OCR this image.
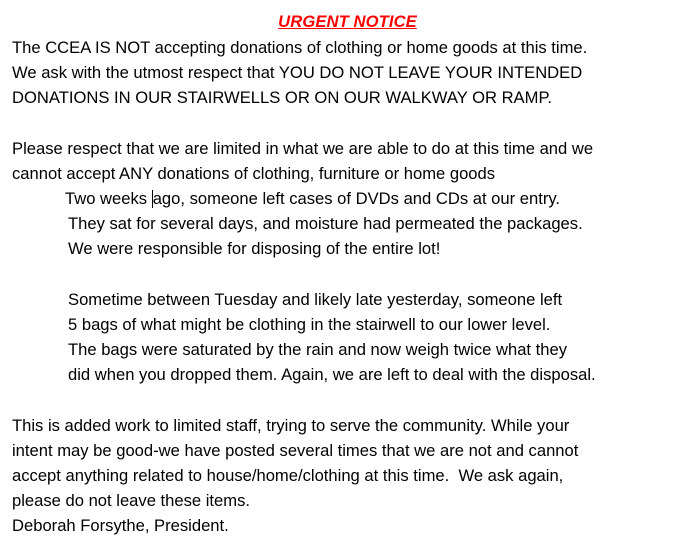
URGENT NOTICE
The CCEA IS NOT accepting donations of clothing or home goods at this time.
We ask with the utmost respect that YOU DO NOT LEAVE YOUR INTENDED
DONATIONS IN OUR STAIRWELLS OR ON OUR WALKWAY OR RAMP.
Please respect that we are limited in what we are able to do at this time and we
cannot accept ANY donations of clothing, furniture or home goods
Two weeks ago, someone left cases of DVDs and CDs at our entry.
They sat for several days, and moisture had permeated the packages.
We were responsible for disposing of the entire lot!
Sometime between Tuesday and likely late yesterday, someone left
5 bags of what might be clothing in the stairwell to our lower level.
The bags were saturated by the rain and now weigh twice what they
did when you dropped them. Again, we are left to deal with the disposal.
This is added work to limited staff, trying to serve the community. While your
intent may be good-we have posted several times that we are not and cannot
accept anything related to house/home/clothing at this time.  We ask again,
please do not leave these items.
Deborah Forsythe, President.
